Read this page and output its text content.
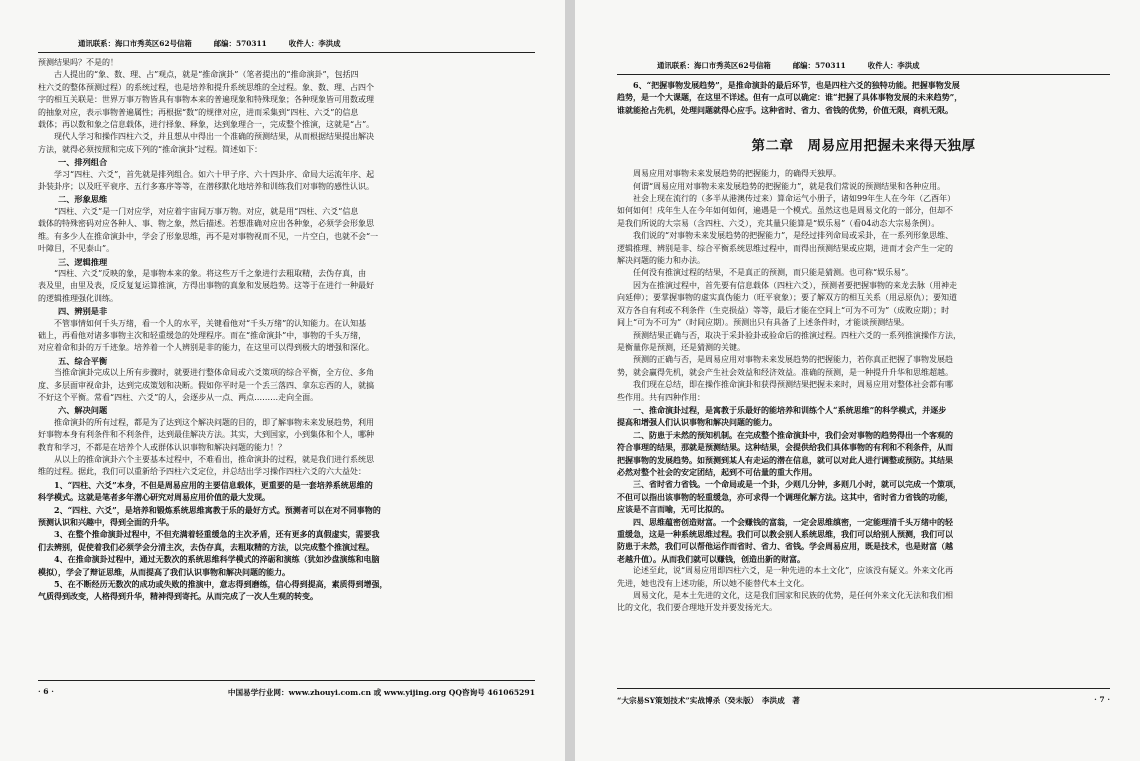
通讯联系：海口市秀英区62号信箱	邮编：570311	收件人：李洪成
预测结果吗？不是的！
　　古人提出的“象、数、理、占”观点，就是“推命演卦”（笔者提出的“推命演卦”，包括四
柱六爻的整体预测过程）的系统过程，也是培养和提升系统思维的全过程。象、数、理、占四个
字的相互关联是：世界万事万物皆具有事物本来的普遍现象和特殊现象；各种现象皆可用数或理
的抽象对应，表示事物普遍属性；再根据“数”的规律对应，进而采集到“四柱、六爻”的信息
载体；再以数和象之信息载体，进行择象、释象，达到象理合一，完成整个推演，这就是“占”。
　　现代人学习和操作四柱六爻，并且想从中得出一个准确的预测结果，从而根据结果提出解决
方法，就得必须按照和完成下列的“推命演卦”过程。简述如下：
一、排列组合
　　学习“四柱、六爻”，首先就是排列组合。如六十甲子序、六十四卦序、命局大运流年序、起
卦装卦序；以及旺平衰序、五行多寡序等等，在潜移默化地培养和训练我们对事物的感性认识。
二、形象思维
　　“四柱、六爻”是一门对应学，对应着宇宙间万事万物。对应，就是用“四柱、六爻”信息
载体的特殊密码对应各种人、事、物之象，然后描述。若想准确对应出各种象，必须学会形象思
维。有多少人在推命演卦中，学会了形象思维，再不是对事物视而不见，一片空白，也就不会“一
叶障目，不见泰山”。
三、逻辑推理
　　“四柱、六爻”反映的象，是事物本来的象。将这些万千之象进行去粗取精，去伪存真，由
表及里，由里及表，反反复复运算推演，方得出事物的真象和发展趋势。这等于在进行一种最好
的逻辑推理强化训练。
四、辨别是非
　　不管事情如何千头万绪，看一个人的水平，关键看他对“千头万绪”的认知能力。在认知基
础上，再看他对诸多事物主次和轻重缓急的处理程序。而在“推命演卦”中，事物的千头万绪，
对应着命和卦的万千迹象。培养着一个人辨别是非的能力，在这里可以得到极大的增强和深化。
五、综合平衡
　　当推命演卦完成以上所有步骤时，就要进行整体命局或六爻策项的综合平衡，全方位、多角
度、多层面审视命卦，达到完成策划和决断。假如你平时是一个丢三落四、拿东忘西的人，就搞
不好这个平衡。常看“四柱、六爻”的人，会逐步从一点、两点………走向全面。
六、解决问题
　　推命演卦的所有过程，都是为了达到这个解决问题的目的，即了解事物未来发展趋势，利用
好事物本身有利条件和不利条件，达到最佳解决方法。其实，大到国家，小到集体和个人，哪种
教育和学习，不都是在培养个人或群体认识事物和解决问题的能力！？
　　从以上的推命演卦六个主要基本过程中，不难看出，推命演卦的过程，就是我们进行系统思
维的过程。据此，我们可以重新给予四柱六爻定位，并总结出学习操作四柱六爻的六大益处：
　　1、“四柱、六爻”本身，不但是周易应用的主要信息载体，更重要的是一套培养系统思维的
科学模式。这就是笔者多年潜心研究对周易应用价值的最大发现。
　　2、“四柱、六爻”，是培养和锻炼系统思维寓教于乐的最好方式。预测者可以在对不同事物的
预测认识和兴趣中，得到全面的升华。
　　3、在整个推命演卦过程中，不但充满着轻重缓急的主次矛盾，还有更多的真假虚实，需要我
们去辨别，促使着我们必须学会分清主次，去伪存真，去粗取精的方法，以完成整个推演过程。
　　4、在推命演卦过程中，通过无数次的系统思维科学模式的淬砺和演练（犹如沙盘演练和电脑
模拟），学会了辩证思维，从而提高了我们认识事物和解决问题的能力。
　　5、在不断经历无数次的成功或失败的推演中，意志得到磨练，信心得到提高，素质得到增强，
气质得到改变，人格得到升华，精神得到寄托。从而完成了一次人生观的转变。
· 6 ·	中国易学行业网：www.zhouyi.com.cn 或 www.yijing.org QQ咨询号 461065291
通讯联系：海口市秀英区62号信箱	邮编：570311	收件人：李洪成
　　6、“把握事物发展趋势”，是推命演卦的最后环节，也是四柱六爻的独特功能。把握事物发展
趋势，是一个大课题，在这里不详述。但有一点可以确定：谁“把握了具体事物发展的未来趋势”，
谁就能抢占先机，处理问题就得心应手。这种省时、省力、省钱的优势，价值无限，商机无限。
第二章　周易应用把握未来得天独厚
　　周易应用对事物未来发展趋势的把握能力，的确得天独厚。
　　何谓“周易应用对事物未来发展趋势的把握能力”，就是我们常说的预测结果和各种应用。
　　社会上现在流行的（多半从港澳传过来）算命运气小册子，诸如99年生人在今年（乙酉年）
如何如何！戌年生人在今年如何如何，遍遇是一个模式。虽然这也是周易文化的一部分，但却不
是我们所说的大宗易（含四柱、六爻），充其量只能算是“娱乐易”（看04动态大宗易条例）。
　　我们说的“对事物未来发展趋势的把握能力”，是经过排列命局或采卦，在一系列形象思维、
逻辑推理、辨别是非、综合平衡系统思维过程中，而得出预测结果或应期，进而才会产生一定的
解决问题的能力和办法。
　　任何没有推演过程的结果，不是真正的预测，而只能是猜测。也可称“娱乐易”。
　　因为在推演过程中，首先要有信息载体（四柱六爻），预测者要把握事物的来龙去脉（用神走
向延伸）；要掌握事物的虚实真伪能力（旺平衰象）；要了解双方的相互关系（用忌原仇）；要知道
双方各自有利或不利条件（生克损益）等等，最后才能在空间上“可为不可为”（成败应期）；时
间上“可为不可为”（时间应期）。预测出只有具备了上述条件时，才能谈预测结果。
　　预测结果正确与否，取决于采卦验卦或验命后的推演过程。四柱六爻的一系列推演操作方法，
是衡量你是预测，还是猜测的关键。
　　预测的正确与否，是周易应用对事物未来发展趋势的把握能力，若你真正把握了事物发展趋
势，就会赢得先机，就会产生社会效益和经济效益。准确的预测，是一种提升升华和思维超越。
　　我们现在总结，即在操作推命演卦和获得预测结果把握未来时，周易应用对整体社会都有哪
些作用。共有四种作用：
　　一、推命演卦过程，是寓教于乐最好的能培养和训练个人“系统思维”的科学模式，并逐步
提高和增强人们认识事物和解决问题的能力。
　　二、防患于未然的预知机制。在完成整个推命演卦中，我们会对事物的趋势得出一个客观的
符合事理的结果，那就是预测结果。这种结果，会提供给我们具体事物的有利和不利条件，从而
把握事物的发展趋势。如预测到某人有走运的潜在信息，就可以对此人进行调整或预防。其结果
必然对整个社会的安定团结，起到不可估量的重大作用。
　　三、省时省力省钱。一个命局或是一个卦，少则几分钟，多则几小时，就可以完成一个策项，
不但可以指出该事物的轻重缓急，亦可求得一个调理化解方法。这其中，省时省力省钱的功能，
应该是不言而喻，无可比拟的。
　　四、思维蕴密创造财富。一个会赚钱的富翁，一定会思维缜密，一定能理清千头万绪中的轻
重缓急，这是一种系统思维过程。我们可以教会别人系统思维，我们可以给别人预测，我们可以
防患于未然，我们可以帮他运作而省时、省力、省钱。学会周易应用，既是技术，也是财富（越
老越升值）。从而我们就可以赚钱，创造出新的财富。
　　论述至此，说“周易应用即四柱六爻，是一种先进的本土文化”，应该没有疑义。外来文化再
先进，她也没有上述功能，所以她不能替代本土文化。
　　周易文化，是本土先进的文化，这是我们国家和民族的优势，是任何外来文化无法和我们相
比的文化，我们要合理地开发并要发扬光大。
“大宗易SY策划技术”实战博杀（癸未版）　李洪成　著	· 7 ·
